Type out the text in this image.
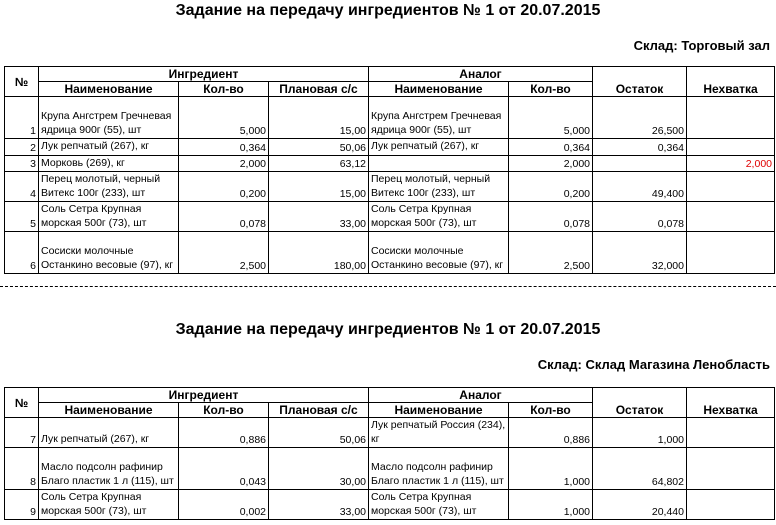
Задание на передачу ингредиентов № 1 от 20.07.2015
Склад: Торговый зал
№	Ингредиент			Аналог		Остаток	Нехватка
	Наименование	Кол-во	Плановая с/с	Наименование	Кол-во		
1	Крупа Ангстрем Гречневая ядрица 900г (55), шт	5,000	15,00	Крупа Ангстрем Гречневая ядрица 900г (55), шт	5,000	26,500	
2	Лук репчатый (267), кг	0,364	50,06	Лук репчатый (267), кг	0,364	0,364	
3	Морковь (269), кг	2,000	63,12		2,000		2,000
4	Перец молотый, черный Витекс 100г (233), шт	0,200	15,00	Перец молотый, черный Витекс 100г (233), шт	0,200	49,400	
5	Соль Сетра Крупная морская 500г (73), шт	0,078	33,00	Соль Сетра Крупная морская 500г (73), шт	0,078	0,078	
6	Сосиски молочные Останкино весовые (97), кг	2,500	180,00	Сосиски молочные Останкино весовые (97), кг	2,500	32,000	
Задание на передачу ингредиентов № 1 от 20.07.2015
Склад: Склад Магазина Ленобласть
№	Ингредиент			Аналог		Остаток	Нехватка
	Наименование	Кол-во	Плановая с/с	Наименование	Кол-во		
7	Лук репчатый (267), кг	0,886	50,06	Лук репчатый Россия (234), кг	0,886	1,000	
8	Масло подсолн рафинир Благо пластик 1 л (115), шт	0,043	30,00	Масло подсолн рафинир Благо пластик 1 л (115), шт	1,000	64,802	
9	Соль Сетра Крупная морская 500г (73), шт	0,002	33,00	Соль Сетра Крупная морская 500г (73), шт	1,000	20,440	
